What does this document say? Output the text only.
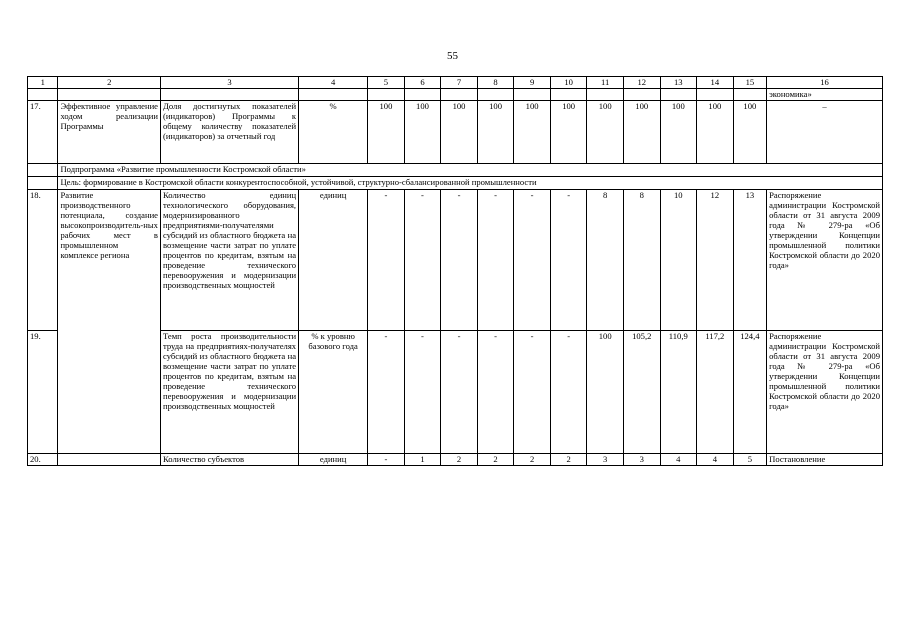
55
1	2	3	4	5	6	7	8	9	10	11	12	13	14	15	16
															экономика»
17.	Эффективное управление ходом реализации Программы	Доля достигнутых показателей (индикаторов) Программы к общему количеству показателей (индикаторов) за отчетный год	%	100	100	100	100	100	100	100	100	100	100	100	–
	Подпрограмма «Развитие промышленности Костромской области»														
	Цель: формирование в Костромской области конкурентоспособной, устойчивой, структурно-сбалансированной промышленности														
18.	Развитие производственного потенциала, создание высокопроизводитель-ных рабочих мест в промышленном комплексе региона	Количество единиц технологического оборудования, модернизированного предприятиями-получателями субсидий из областного бюджета на возмещение части затрат по уплате процентов по кредитам, взятым на проведение технического перевооружения и модернизации производственных мощностей	единиц	-	-	-	-	-	-	8	8	10	12	13	Распоряжение администрации Костромской области от 31 августа 2009 года № 279-ра «Об утверждении Концепции промышленной политики Костромской области до 2020 года»
19.		Темп роста производительности труда на предприятиях-получателях субсидий из областного бюджета на возмещение части затрат по уплате процентов по кредитам, взятым на проведение технического перевооружения и модернизации производственных мощностей	% к уровню базового года	-	-	-	-	-	-	100	105,2	110,9	117,2	124,4	Распоряжение администрации Костромской области от 31 августа 2009 года № 279-ра «Об утверждении Концепции промышленной политики Костромской области до 2020 года»
20.		Количество субъектов	единиц	-	1	2	2	2	2	3	3	4	4	5	Постановление
